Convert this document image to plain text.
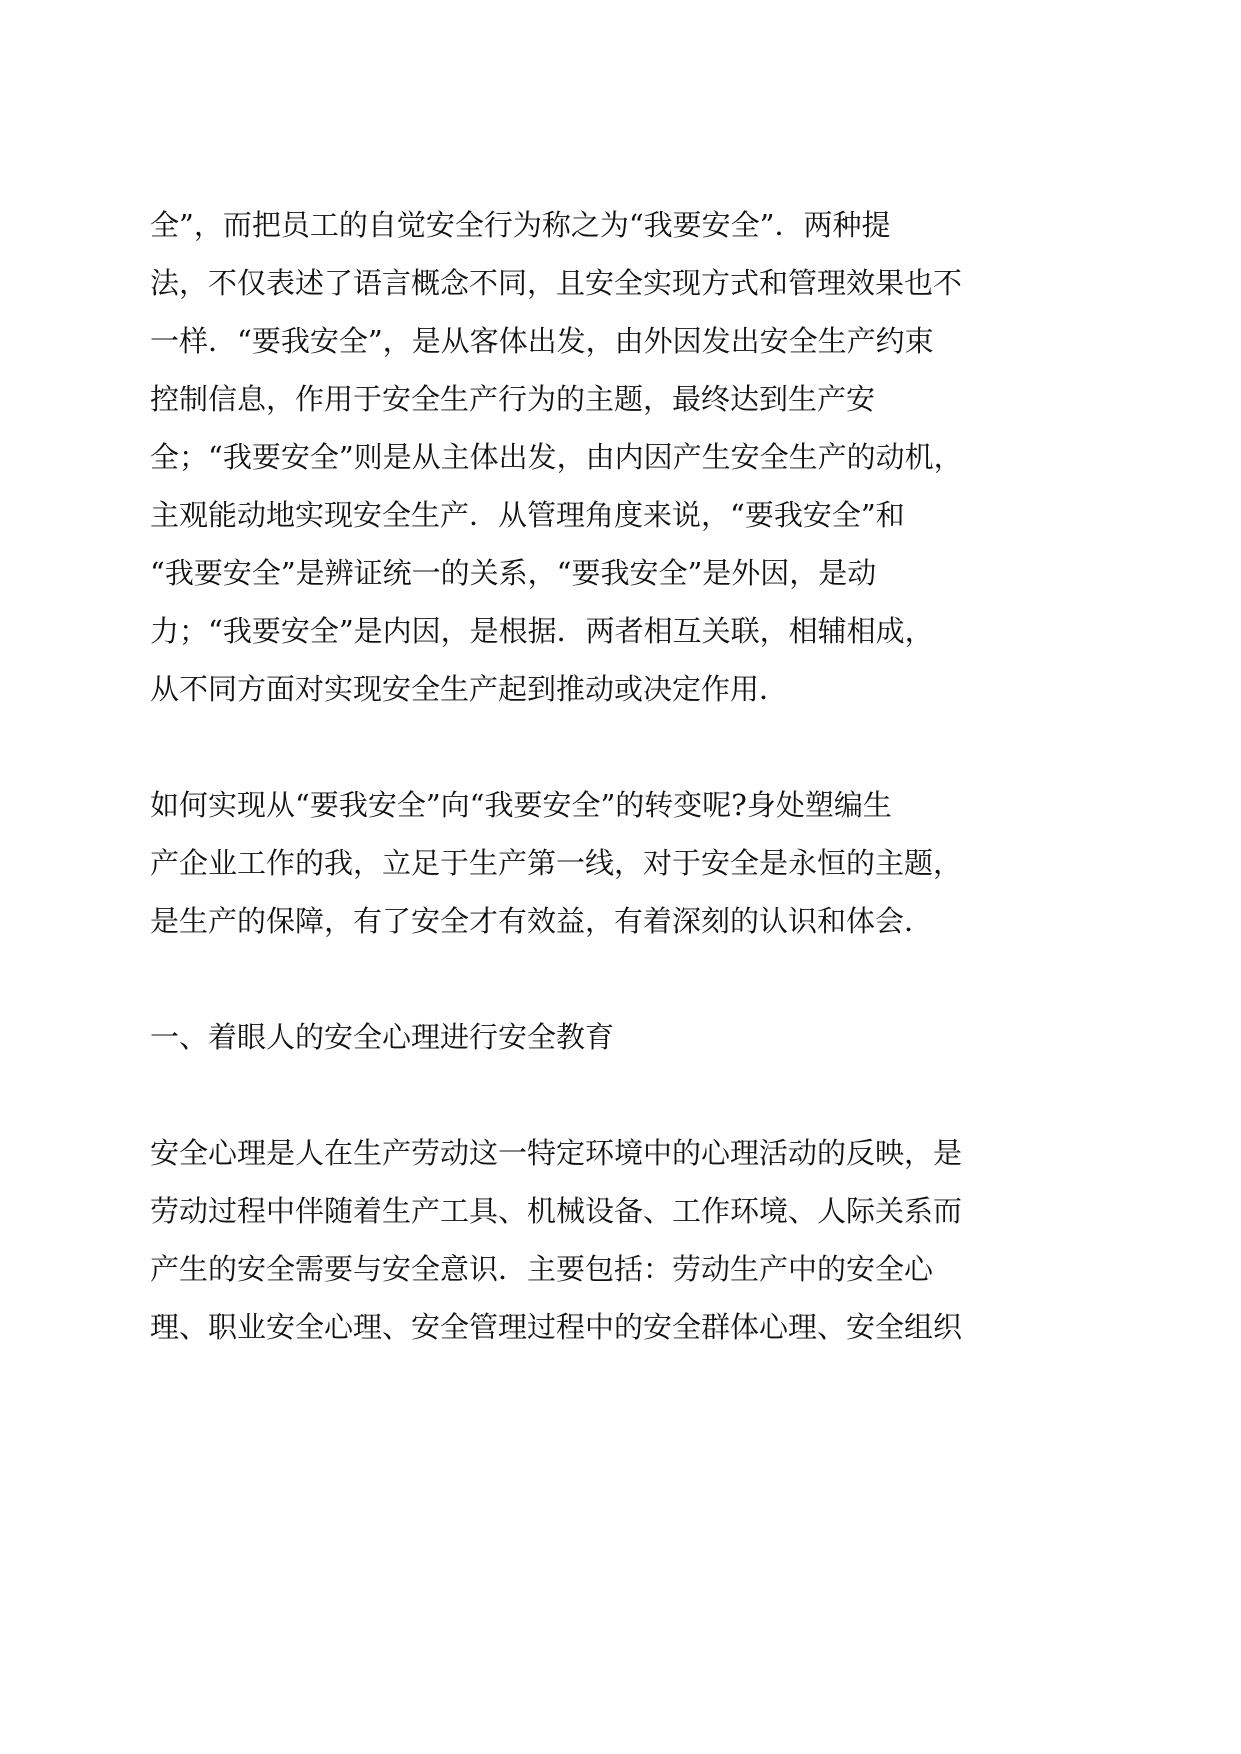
全”，而把员工的自觉安全行为称之为“我要安全”．两种提
法，不仅表述了语言概念不同，且安全实现方式和管理效果也不
一样．“要我安全”，是从客体出发，由外因发出安全生产约束
控制信息，作用于安全生产行为的主题，最终达到生产安
全；“我要安全”则是从主体出发，由内因产生安全生产的动机，
主观能动地实现安全生产．从管理角度来说，“要我安全”和
“我要安全”是辨证统一的关系，“要我安全”是外因，是动
力；“我要安全”是内因，是根据．两者相互关联，相辅相成，
从不同方面对实现安全生产起到推动或决定作用．
如何实现从“要我安全”向“我要安全”的转变呢?身处塑编生
产企业工作的我，立足于生产第一线，对于安全是永恒的主题，
是生产的保障，有了安全才有效益，有着深刻的认识和体会．
一、着眼人的安全心理进行安全教育
安全心理是人在生产劳动这一特定环境中的心理活动的反映，是
劳动过程中伴随着生产工具、机械设备、工作环境、人际关系而
产生的安全需要与安全意识．主要包括：劳动生产中的安全心
理、职业安全心理、安全管理过程中的安全群体心理、安全组织
